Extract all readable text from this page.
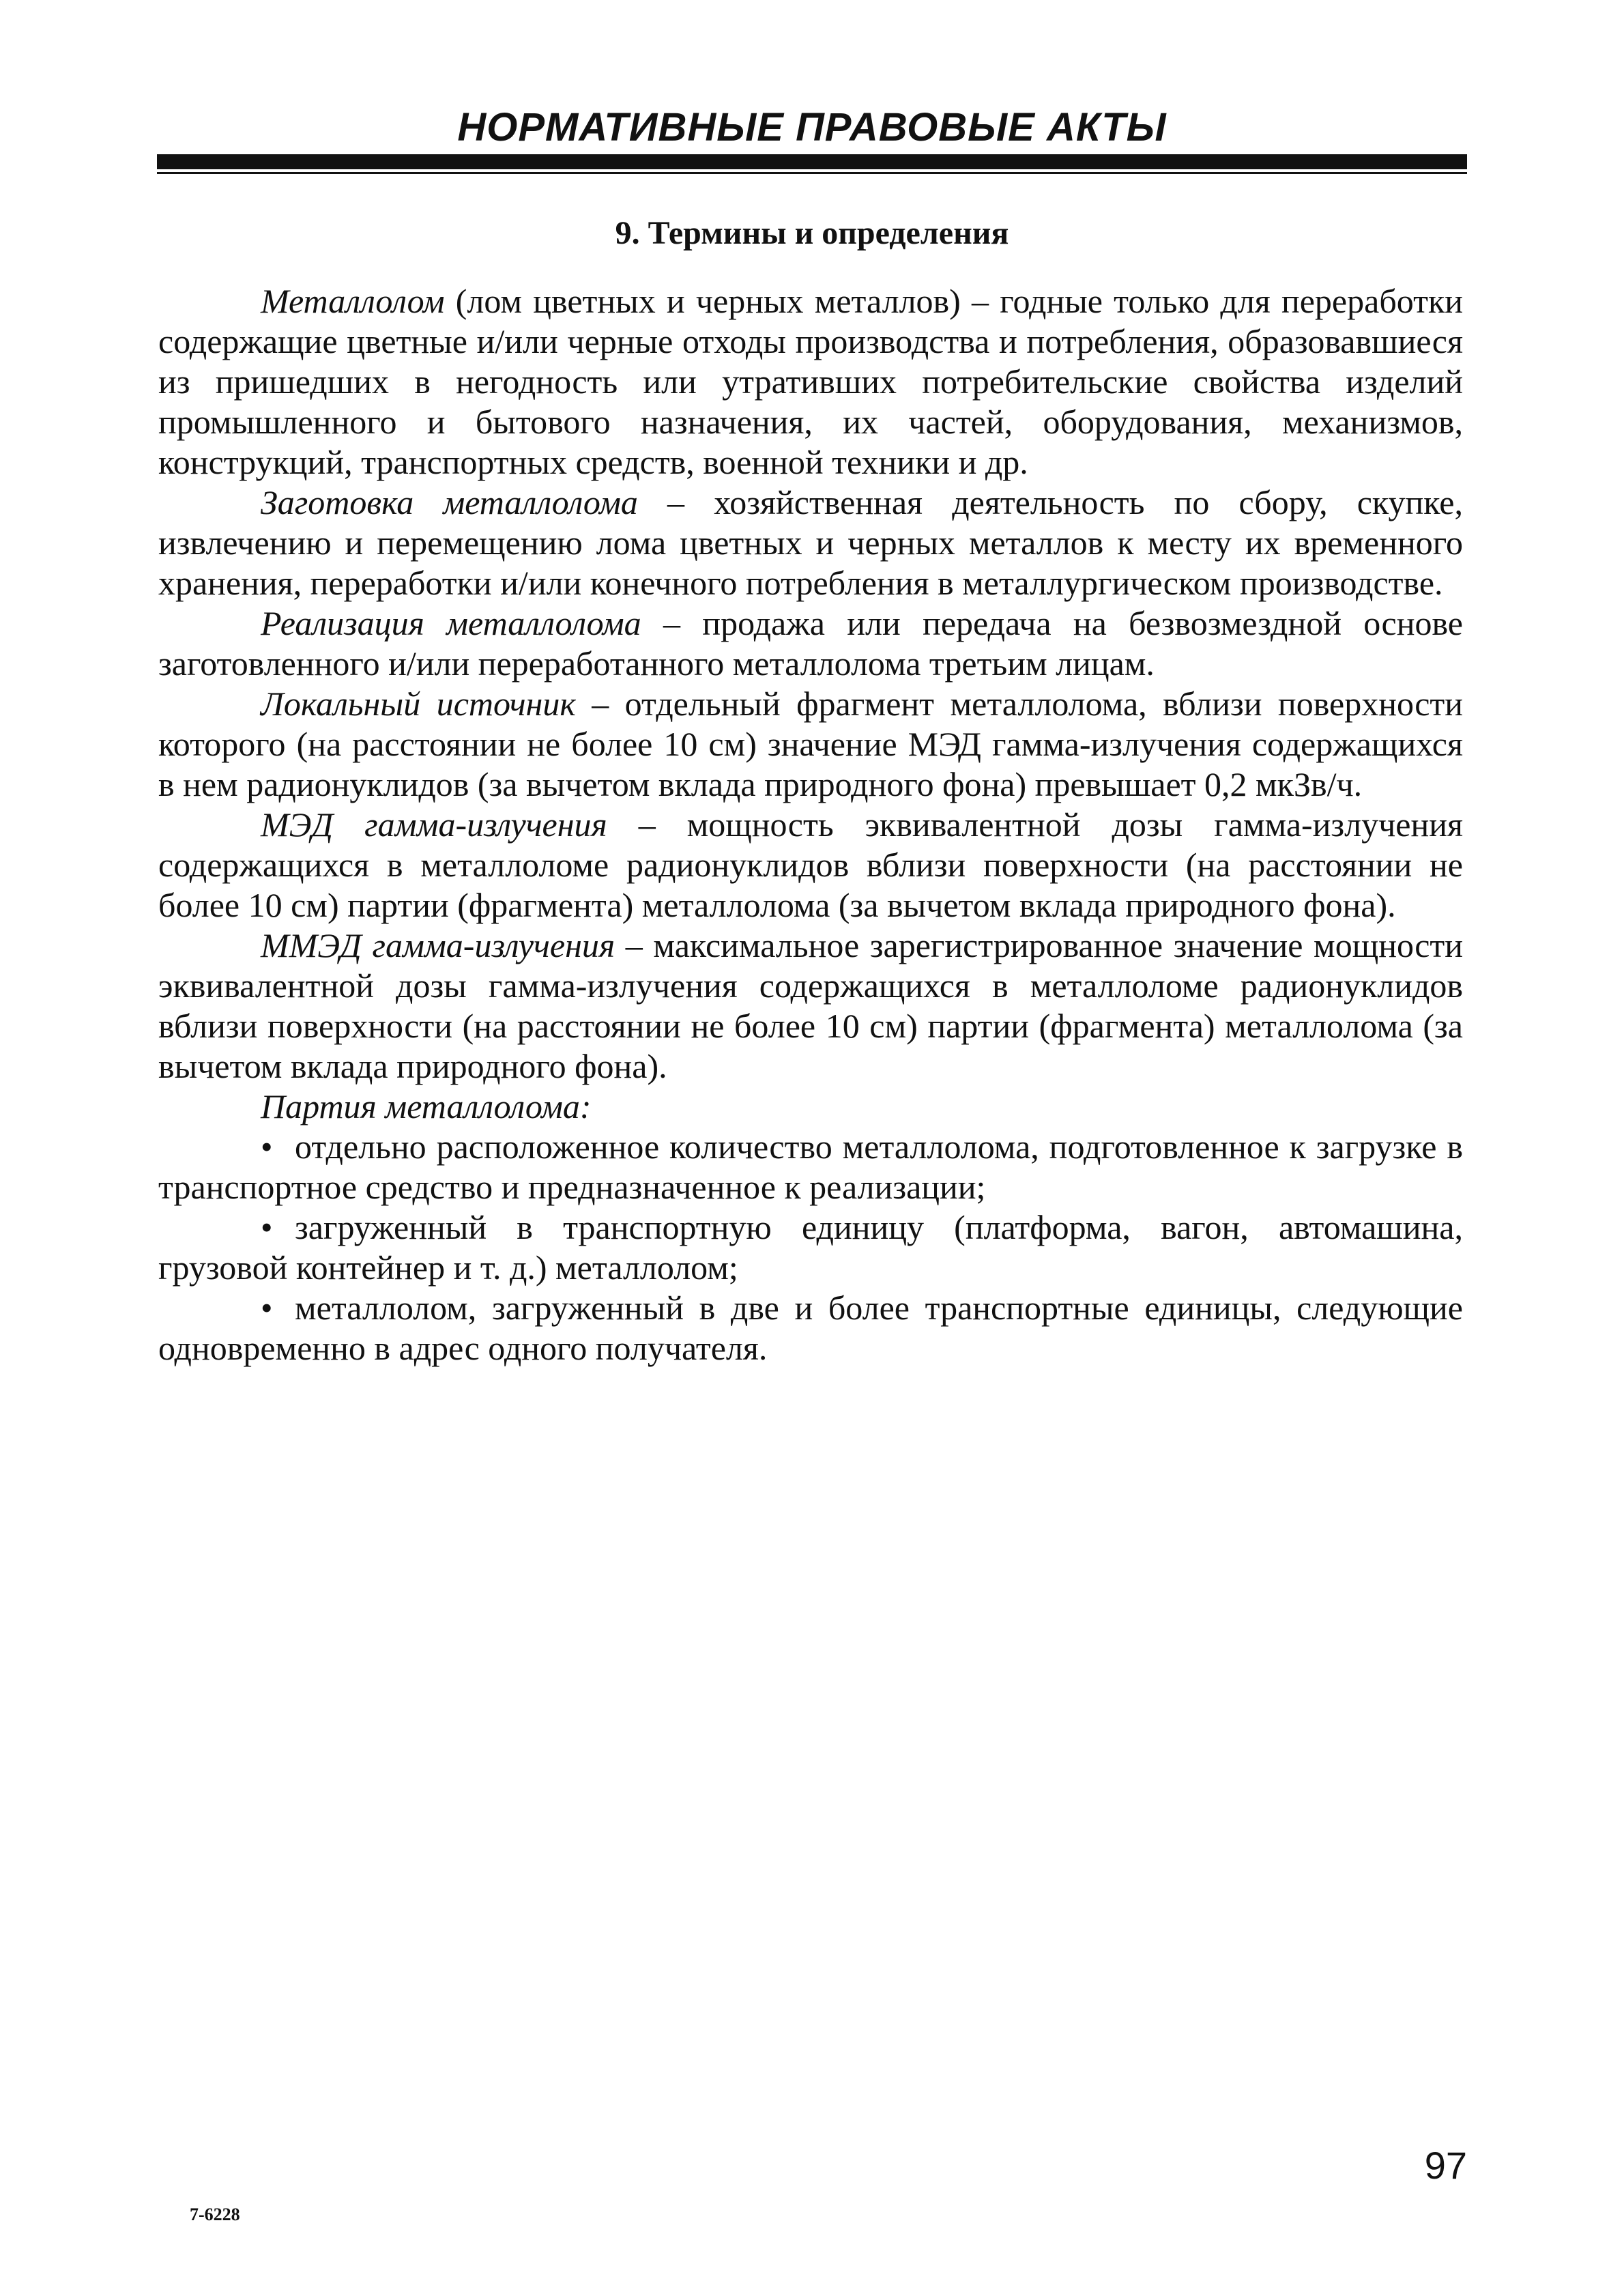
НОРМАТИВНЫЕ ПРАВОВЫЕ АКТЫ
9. Термины и определения

Металлолом (лом цветных и черных металлов) – годные только для переработки содержащие цветные и/или черные отходы производства и потребления, образовавшиеся из пришедших в негодность или утративших потребительские свойства изделий промышленного и бытового назначения, их частей, оборудования, механизмов, конструкций, транспортных средств, военной техники и др.

Заготовка металлолома – хозяйственная деятельность по сбору, скупке, извлечению и перемещению лома цветных и черных металлов к месту их временного хранения, переработки и/или конечного потребления в металлургическом производстве.

Реализация металлолома – продажа или передача на безвозмездной основе заготовленного и/или переработанного металлолома третьим лицам.

Локальный источник – отдельный фрагмент металлолома, вблизи поверхности которого (на расстоянии не более 10 см) значение МЭД гамма-излучения содержащихся в нем радионуклидов (за вычетом вклада природного фона) превышает 0,2 мкЗв/ч.

МЭД гамма-излучения – мощность эквивалентной дозы гамма-излучения содержащихся в металлоломе радионуклидов вблизи поверхности (на расстоянии не более 10 см) партии (фрагмента) металлолома (за вычетом вклада природного фона).

ММЭД гамма-излучения – максимальное зарегистрированное значение мощности эквивалентной дозы гамма-излучения содержащихся в металлоломе радионуклидов вблизи поверхности (на расстоянии не более 10 см) партии (фрагмента) металлолома (за вычетом вклада природного фона).

Партия металлолома:

• отдельно расположенное количество металлолома, подготовленное к загрузке в транспортное средство и предназначенное к реализации;

• загруженный в транспортную единицу (платформа, вагон, автомашина, грузовой контейнер и т. д.) металлолом;

• металлолом, загруженный в две и более транспортные единицы, следующие одновременно в адрес одного получателя.

7-6228
97
